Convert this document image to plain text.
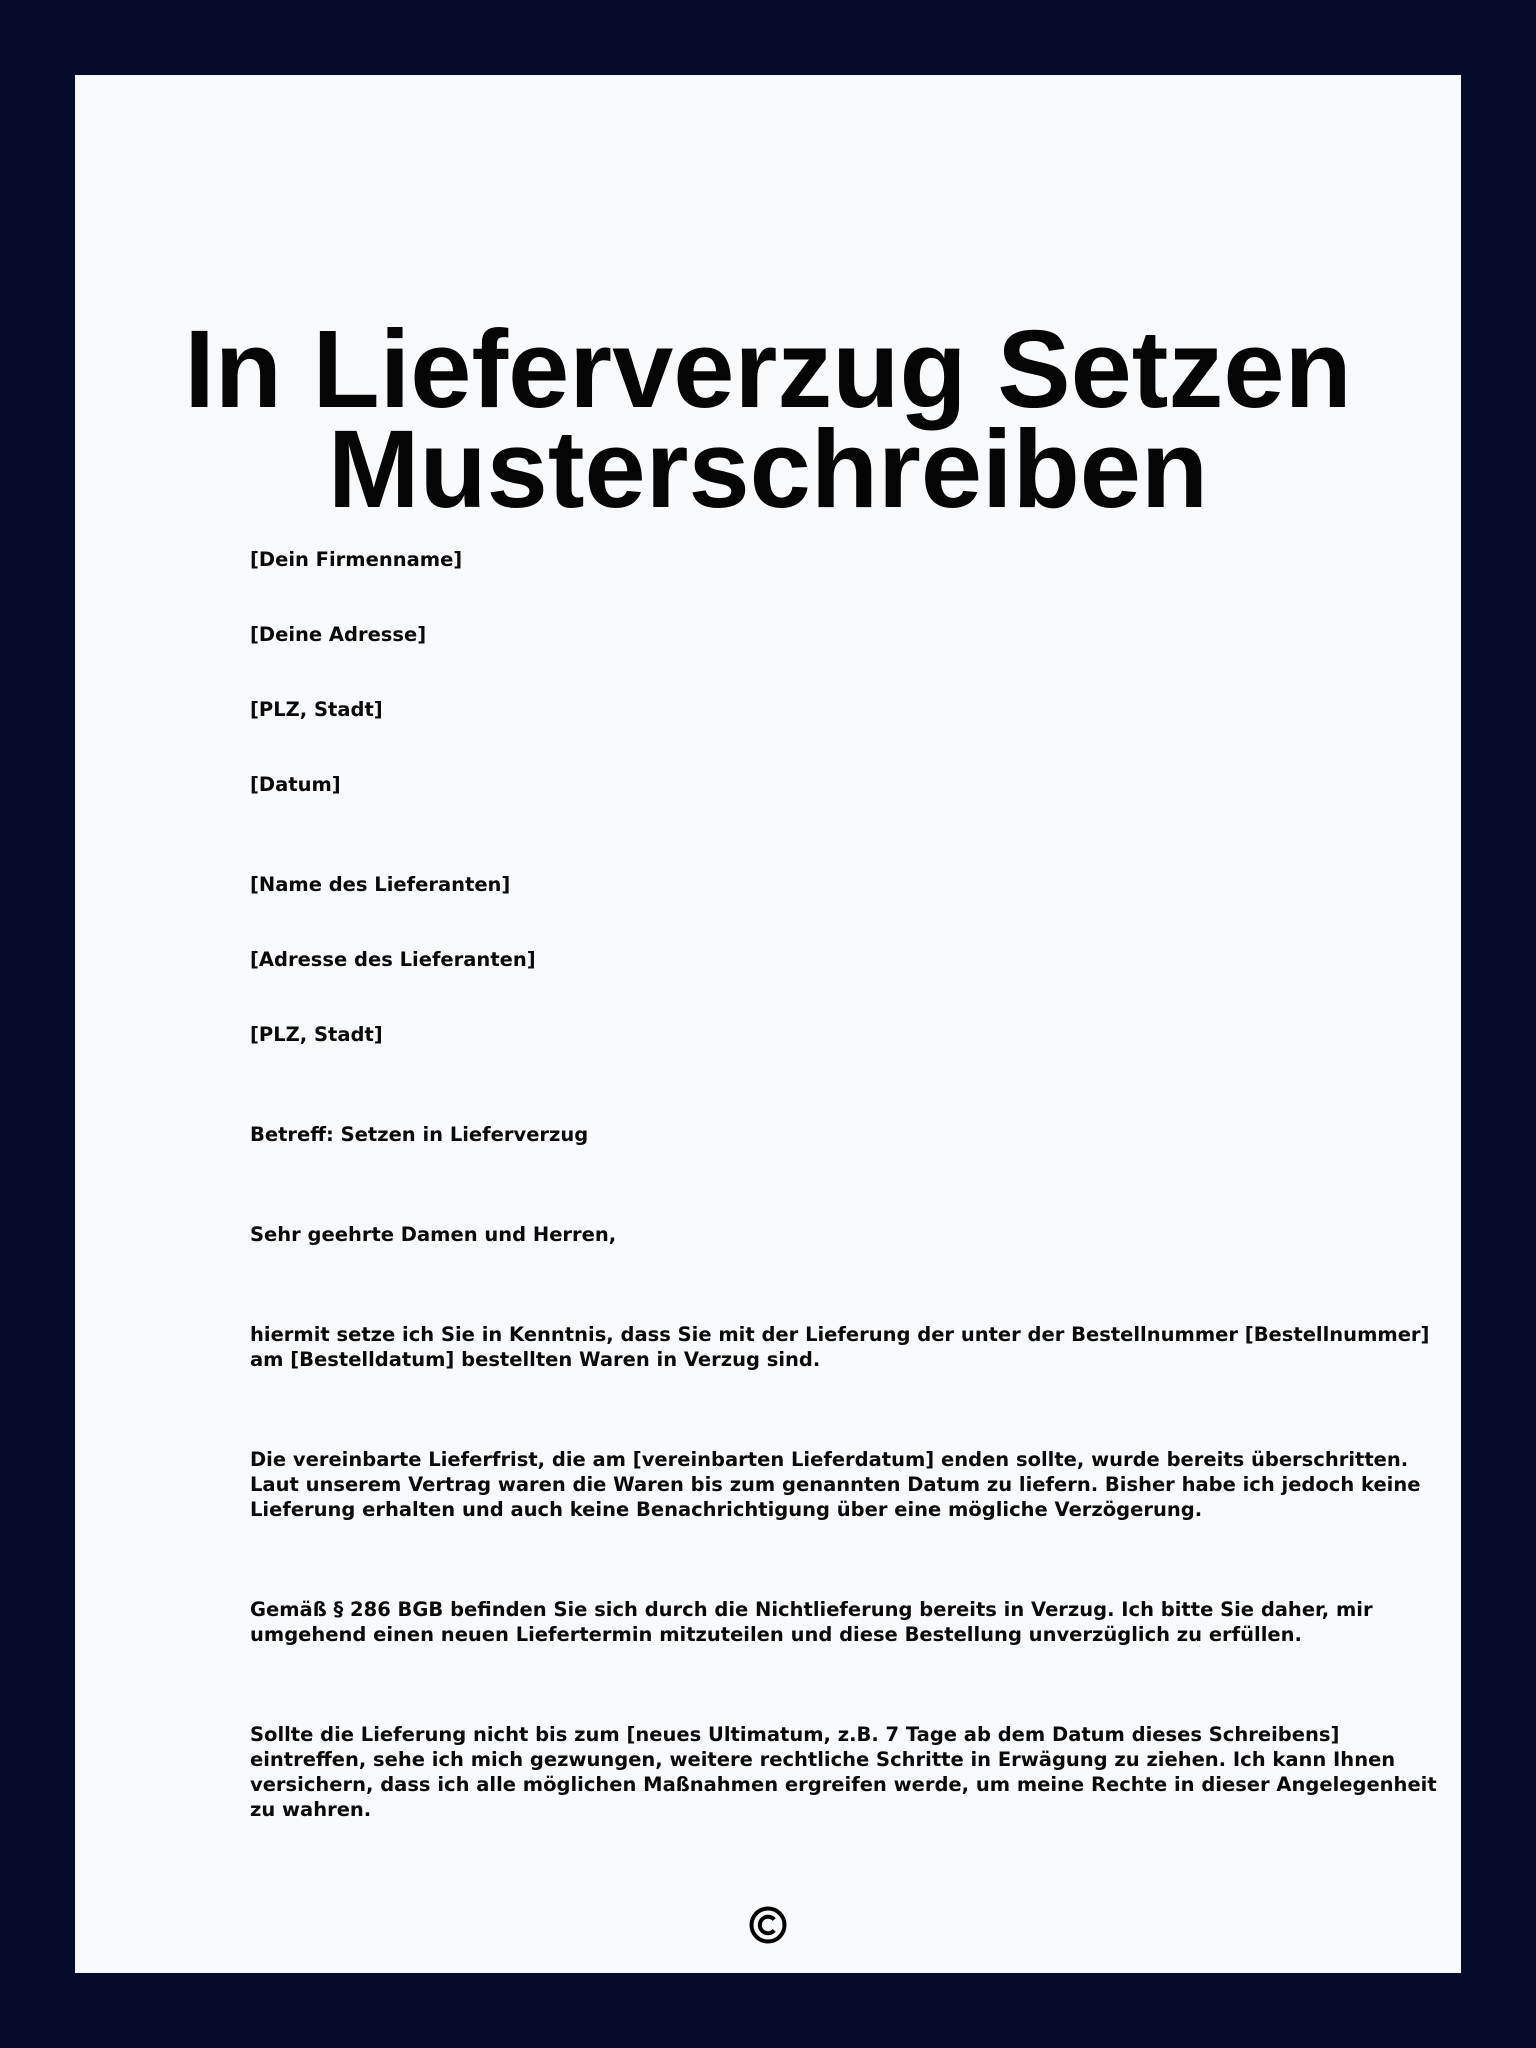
In Lieferverzug Setzen
Musterschreiben

[Dein Firmenname]

[Deine Adresse]

[PLZ, Stadt]

[Datum]

[Name des Lieferanten]

[Adresse des Lieferanten]

[PLZ, Stadt]

Betreff: Setzen in Lieferverzug

Sehr geehrte Damen und Herren,

hiermit setze ich Sie in Kenntnis, dass Sie mit der Lieferung der unter der Bestellnummer [Bestellnummer]
am [Bestelldatum] bestellten Waren in Verzug sind.
Die vereinbarte Lieferfrist, die am [vereinbarten Lieferdatum] enden sollte, wurde bereits überschritten.
Laut unserem Vertrag waren die Waren bis zum genannten Datum zu liefern. Bisher habe ich jedoch keine
Lieferung erhalten und auch keine Benachrichtigung über eine mögliche Verzögerung.
Gemäß § 286 BGB befinden Sie sich durch die Nichtlieferung bereits in Verzug. Ich bitte Sie daher, mir
umgehend einen neuen Liefertermin mitzuteilen und diese Bestellung unverzüglich zu erfüllen.
Sollte die Lieferung nicht bis zum [neues Ultimatum, z.B. 7 Tage ab dem Datum dieses Schreibens]
eintreffen, sehe ich mich gezwungen, weitere rechtliche Schritte in Erwägung zu ziehen. Ich kann Ihnen
versichern, dass ich alle möglichen Maßnahmen ergreifen werde, um meine Rechte in dieser Angelegenheit
zu wahren.
